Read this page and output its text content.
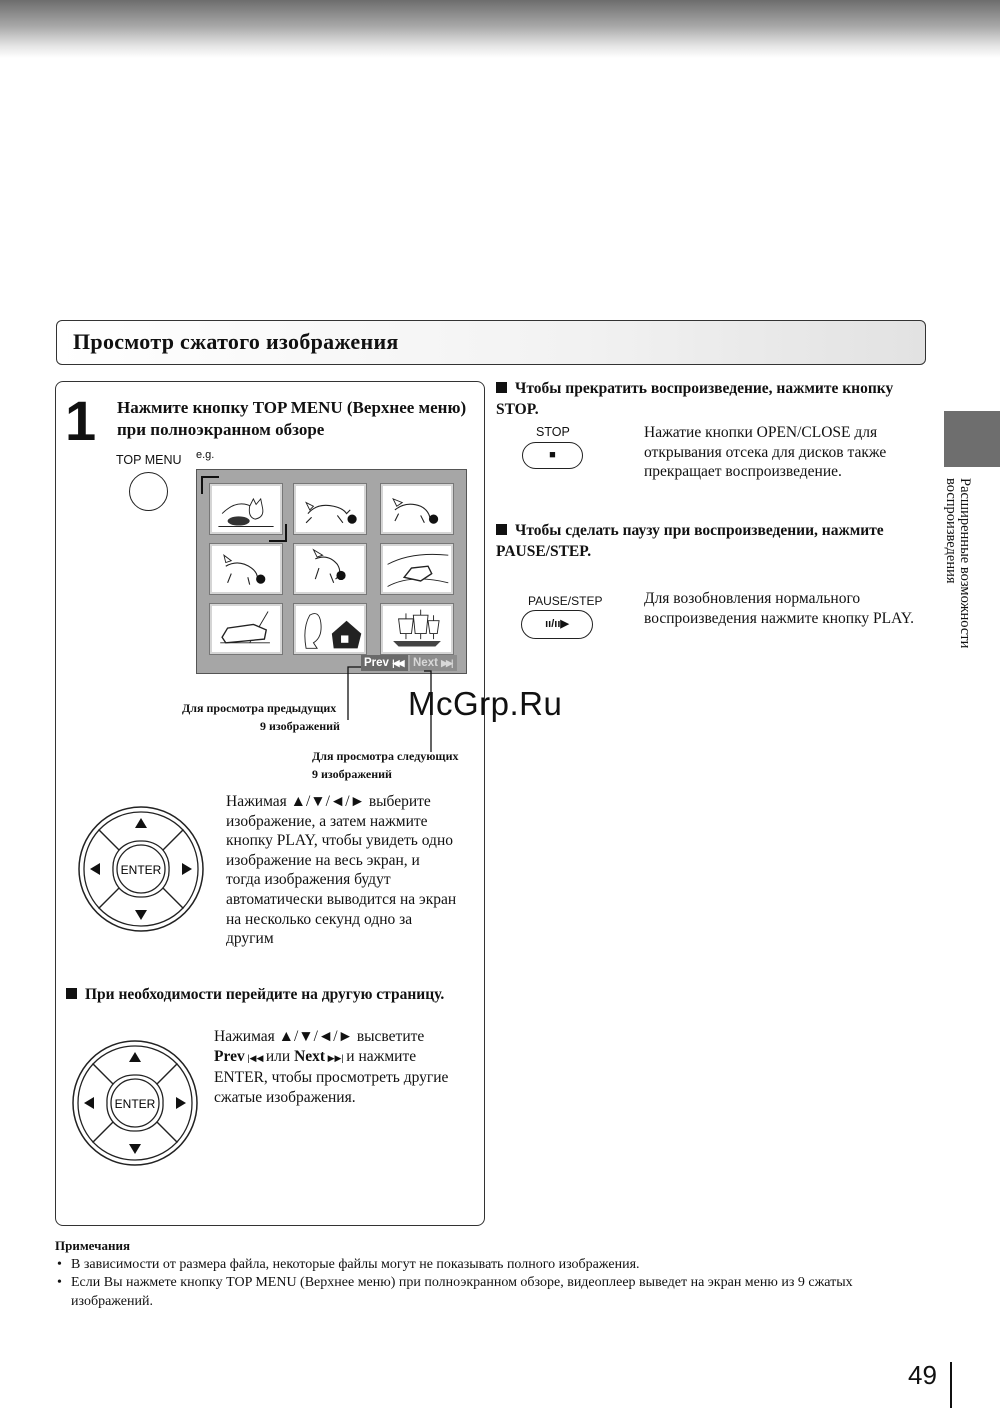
Просмотр сжатого изображения
Расширенные возможности
воспроизведения
1 Нажмите кнопку TOP MENU (Верхнее меню) при полноэкранном обзоре
TOP MENU e.g.
Prev |◀◀ Next ▶▶|
Для просмотра предыдущих
9 изображений
Для просмотра следующих
9 изображений
ENTER
Нажимая ▲/▼/◄/► выберите изображение, а затем нажмите кнопку PLAY, чтобы увидеть одно изображение на весь экран, и тогда изображения будут автоматически выводится на экран на несколько секунд одно за другим
При необходимости перейдите на другую страницу.
ENTER
Нажимая ▲/▼/◄/► высветите
Prev |◀◀ или Next ▶▶| и нажмите
ENTER, чтобы просмотреть другие сжатые изображения.
Чтобы прекратить воспроизведение, нажмите кнопку STOP.
STOP
■
Нажатие кнопки OPEN/CLOSE для открывания отсека для дисков также прекращает воспроизведение.
Чтобы сделать паузу при воспроизведении, нажмите PAUSE/STEP.
PAUSE/STEP
ıı/ıı▶
Для возобновления нормального воспроизведения нажмите кнопку PLAY.
McGrp.Ru
Примечания
• В зависимости от размера файла, некоторые файлы могут не показывать полного изображения.
• Если Вы нажмете кнопку TOP MENU (Верхнее меню) при полноэкранном обзоре, видеоплеер выведет на экран меню из 9 сжатых изображений.
49
